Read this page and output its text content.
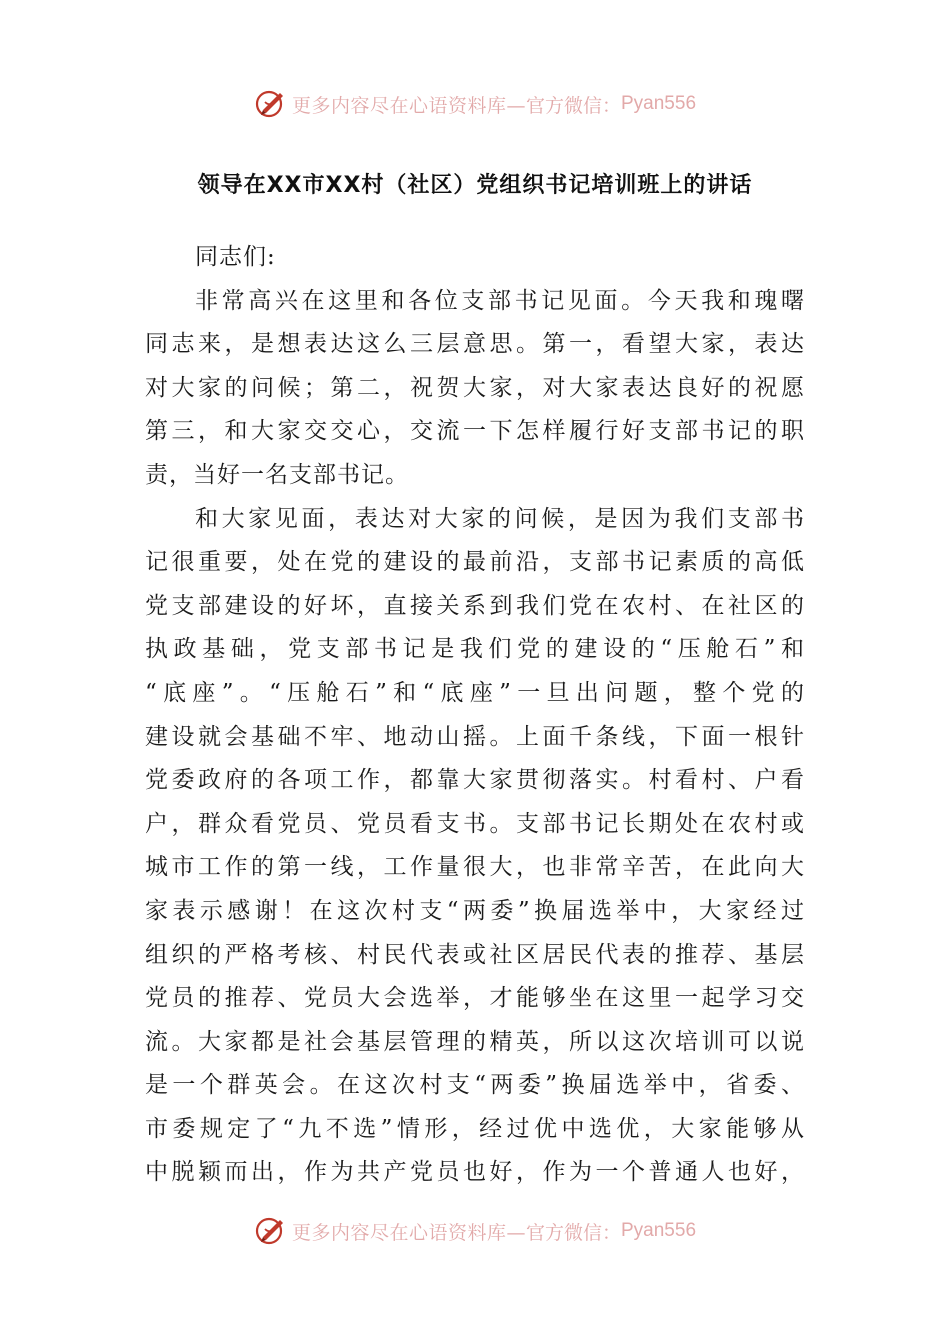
更多内容尽在心语资料库— 官方微信： Pyan556
领导在XX市XX村（社区）党组织书记培训班上的讲话
同志们:
非常高兴在这里和各位支部书记见面。今天我和瑰曙
同志来，是想表达这么三层意思。第一，看望大家，表达
对大家的问候；第二，祝贺大家，对大家表达良好的祝愿
第三，和大家交交心，交流一下怎样履行好支部书记的职
责，当好一名支部书记。
和大家见面，表达对大家的问候，是因为我们支部书
记很重要，处在党的建设的最前沿，支部书记素质的高低
党支部建设的好坏，直接关系到我们党在农村、在社区的
执政基础，党支部书记是我们党的建设的“压舱石”和
“底座”。“压舱石”和“底座”一旦出问题，整个党的
建设就会基础不牢、地动山摇。上面千条线，下面一根针
党委政府的各项工作，都靠大家贯彻落实。村看村、户看
户，群众看党员、党员看支书。支部书记长期处在农村或
城市工作的第一线，工作量很大，也非常辛苦，在此向大
家表示感谢！在这次村支“两委”换届选举中，大家经过
组织的严格考核、村民代表或社区居民代表的推荐、基层
党员的推荐、党员大会选举，才能够坐在这里一起学习交
流。大家都是社会基层管理的精英，所以这次培训可以说
是一个群英会。在这次村支“两委”换届选举中，省委、
市委规定了“九不选”情形，经过优中选优，大家能够从
中脱颖而出，作为共产党员也好，作为一个普通人也好，
更多内容尽在心语资料库— 官方微信： Pyan556
